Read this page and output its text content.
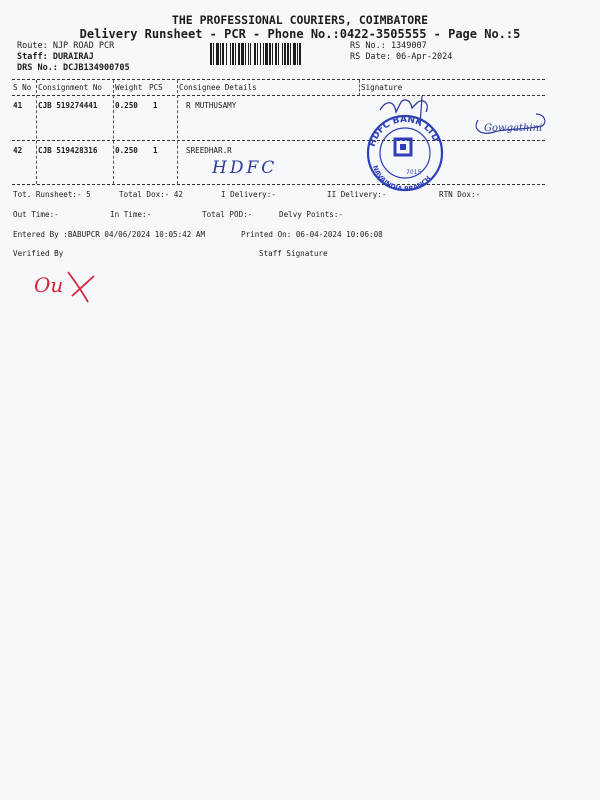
THE PROFESSIONAL COURIERS, COIMBATORE
Delivery Runsheet - PCR - Phone No.:0422-3505555 - Page No.:5
Route: NJP ROAD PCR
Staff: DURAIRAJ
DRS No.: DCJB134900705
RS No.: 1349007
RS Date: 06-Apr-2024
S No Consignment No Weight PCS Consignee Details	Signature
41 CJB 519274441 0.250 1	R MUTHUSAMY
42 CJB 519428316 0.250 1	SREEDHAR.R
HDFC
HDFC BANK LTD
NAVAINDIA BRANCH
7015
Gowgathini
Tot. Runsheet:- 5	Total Dox:- 42	I Delivery:-	II Delivery:-	RTN Dox:-
Out Time:-	In Time:-	Total POD:-	Delvy Points:-
Entered By :BABUPCR 04/06/2024 10:05:42 AM	Printed On: 06-04-2024 10:06:08
Verified By	Staff Signature
Ou
